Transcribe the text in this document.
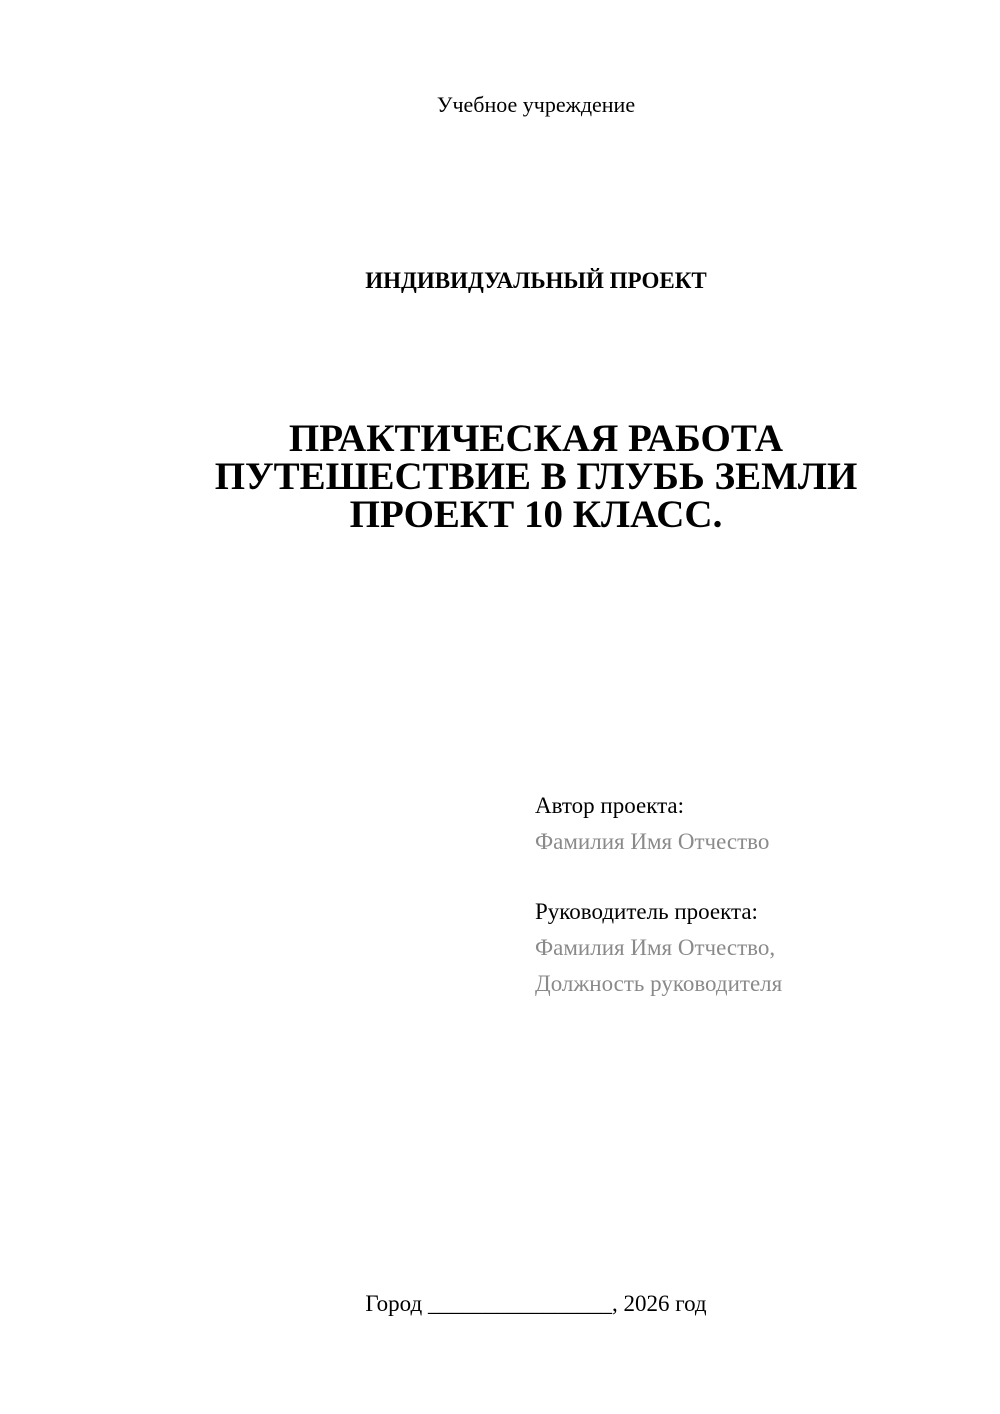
Учебное учреждение
ИНДИВИДУАЛЬНЫЙ ПРОЕКТ
ПРАКТИЧЕСКАЯ РАБОТА
ПУТЕШЕСТВИЕ В ГЛУБЬ ЗЕМЛИ
ПРОЕКТ 10 КЛАСС.
Автор проекта:
Фамилия Имя Отчество
Руководитель проекта:
Фамилия Имя Отчество,
Должность руководителя
Город ________________, 2026 год
